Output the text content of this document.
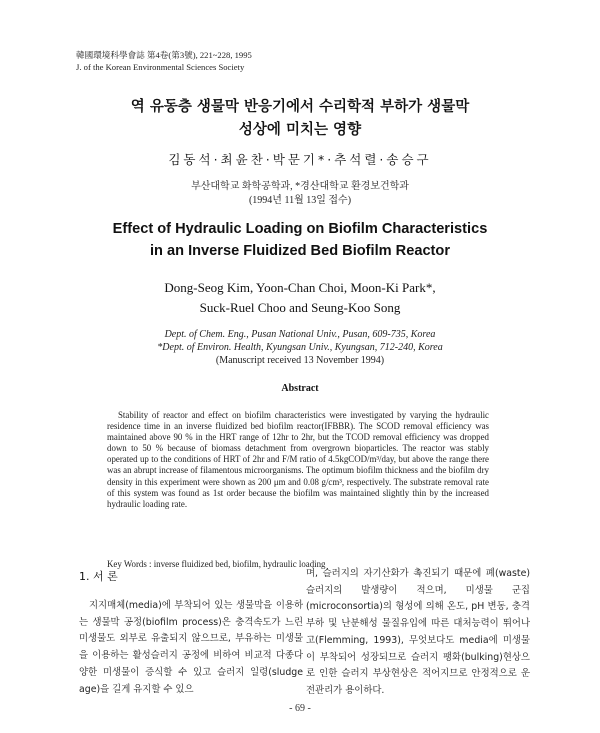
韓國環境科學會誌 第4卷(第3號), 221~228, 1995
J. of the Korean Environmental Sciences Society
역 유동층 생물막 반응기에서 수리학적 부하가 생물막
성상에 미치는 영향
김동석·최윤찬·박문기*·추석렬·송승구
부산대학교 화학공학과, *경산대학교 환경보건학과
(1994년 11월 13일 접수)
Effect of Hydraulic Loading on Biofilm Characteristics
in an Inverse Fluidized Bed Biofilm Reactor
Dong-Seog Kim, Yoon-Chan Choi, Moon-Ki Park*,
Suck-Ruel Choo and Seung-Koo Song
Dept. of Chem. Eng., Pusan National Univ., Pusan, 609-735, Korea
*Dept. of Environ. Health, Kyungsan Univ., Kyungsan, 712-240, Korea
(Manuscript received 13 November 1994)
Abstract

Stability of reactor and effect on biofilm characteristics were investigated by varying the hydraulic residence time in an inverse fluidized bed biofilm reactor(IFBBR). The SCOD removal efficiency was maintained above 90 % in the HRT range of 12hr to 2hr, but the TCOD removal efficiency was dropped down to 50 % because of biomass detachment from overgrown bioparticles. The reactor was stably operated up to the conditions of HRT of 2hr and F/M ratio of 4.5kgCOD/m³/day, but above the range there was an abrupt increase of filamentous microorganisms. The optimum biofilm thickness and the biofilm dry density in this experiment were shown as 200 μm and 0.08 g/cm³, respectively. The substrate removal rate of this system was found as 1st order because the biofilm was maintained slightly thin by the increased hydraulic loading rate.

Key Words : inverse fluidized bed, biofilm, hydraulic loading
1. 서 론
지지매체(media)에 부착되어 있는 생물막을 이용하는 생물막 공정(biofilm process)은 충격속도가 느린 미생물도 외부로 유출되지 않으므로, 부유하는 미생물을 이용하는 활성슬러지 공정에 비하여 비교적 다종다양한 미생물이 증식할 수 있고 슬러지 일령(sludge age)을 길게 유지할 수 있으
며, 슬러지의 자기산화가 촉진되기 때문에 폐(waste) 슬러지의 발생량이 적으며, 미생물 군집(microconsortia)의 형성에 의해 온도, pH 변동, 충격부하 및 난분해성 물질유입에 따른 대처능력이 뛰어나고(Flemming, 1993), 무엇보다도 media에 미생물이 부착되어 성장되므로 슬러지 팽화(bulking)현상으로 인한 슬러지 부상현상은 적어지므로 안정적으로 운전관리가 용이하다.
- 69 -
